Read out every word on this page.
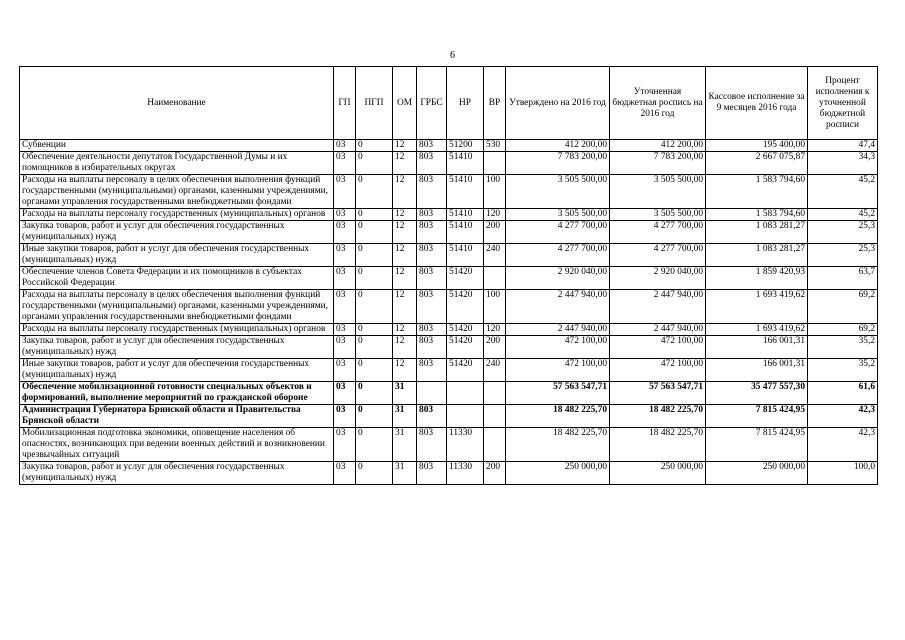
6
Наименование	ГП	ПГП	ОМ	ГРБС	НР	ВР	Утверждено на 2016 год	Уточненная бюджетная роспись на 2016 год	Кассовое исполнение за 9 месяцев 2016 года	Процент исполнения к уточненной бюджетной росписи
Субвенции	03	0	12	803	51200	530	412 200,00	412 200,00	195 400,00	47,4
Обеспечение деятельности депутатов Государственной Думы и их помощников в избирательных округах	03	0	12	803	51410		7 783 200,00	7 783 200,00	2 667 075,87	34,3
Расходы на выплаты персоналу в целях обеспечения выполнения функций государственными (муниципальными) органами, казенными учреждениями, органами управления государственными внебюджетными фондами	03	0	12	803	51410	100	3 505 500,00	3 505 500,00	1 583 794,60	45,2
Расходы на выплаты персоналу государственных (муниципальных) органов	03	0	12	803	51410	120	3 505 500,00	3 505 500,00	1 583 794,60	45,2
Закупка товаров, работ и услуг для обеспечения государственных (муниципальных) нужд	03	0	12	803	51410	200	4 277 700,00	4 277 700,00	1 083 281,27	25,3
Иные закупки товаров, работ и услуг для обеспечения государственных (муниципальных) нужд	03	0	12	803	51410	240	4 277 700,00	4 277 700,00	1 083 281,27	25,3
Обеспечение членов Совета Федерации и их помощников в субъектах Российской Федерации	03	0	12	803	51420		2 920 040,00	2 920 040,00	1 859 420,93	63,7
Расходы на выплаты персоналу в целях обеспечения выполнения функций государственными (муниципальными) органами, казенными учреждениями, органами управления государственными внебюджетными фондами	03	0	12	803	51420	100	2 447 940,00	2 447 940,00	1 693 419,62	69,2
Расходы на выплаты персоналу государственных (муниципальных) органов	03	0	12	803	51420	120	2 447 940,00	2 447 940,00	1 693 419,62	69,2
Закупка товаров, работ и услуг для обеспечения государственных (муниципальных) нужд	03	0	12	803	51420	200	472 100,00	472 100,00	166 001,31	35,2
Иные закупки товаров, работ и услуг для обеспечения государственных (муниципальных) нужд	03	0	12	803	51420	240	472 100,00	472 100,00	166 001,31	35,2
Обеспечение мобилизационной готовности специальных объектов и формирований, выполнение мероприятий по гражданской обороне	03	0	31				57 563 547,71	57 563 547,71	35 477 557,30	61,6
Администрация Губернатора Брянской области и Правительства Брянской области	03	0	31	803			18 482 225,70	18 482 225,70	7 815 424,95	42,3
Мобилизационная подготовка экономики, оповещение населения об опасностях, возникающих при ведении военных действий и возникновении чрезвычайных ситуаций	03	0	31	803	11330		18 482 225,70	18 482 225,70	7 815 424,95	42,3
Закупка товаров, работ и услуг для обеспечения государственных (муниципальных) нужд	03	0	31	803	11330	200	250 000,00	250 000,00	250 000,00	100,0
